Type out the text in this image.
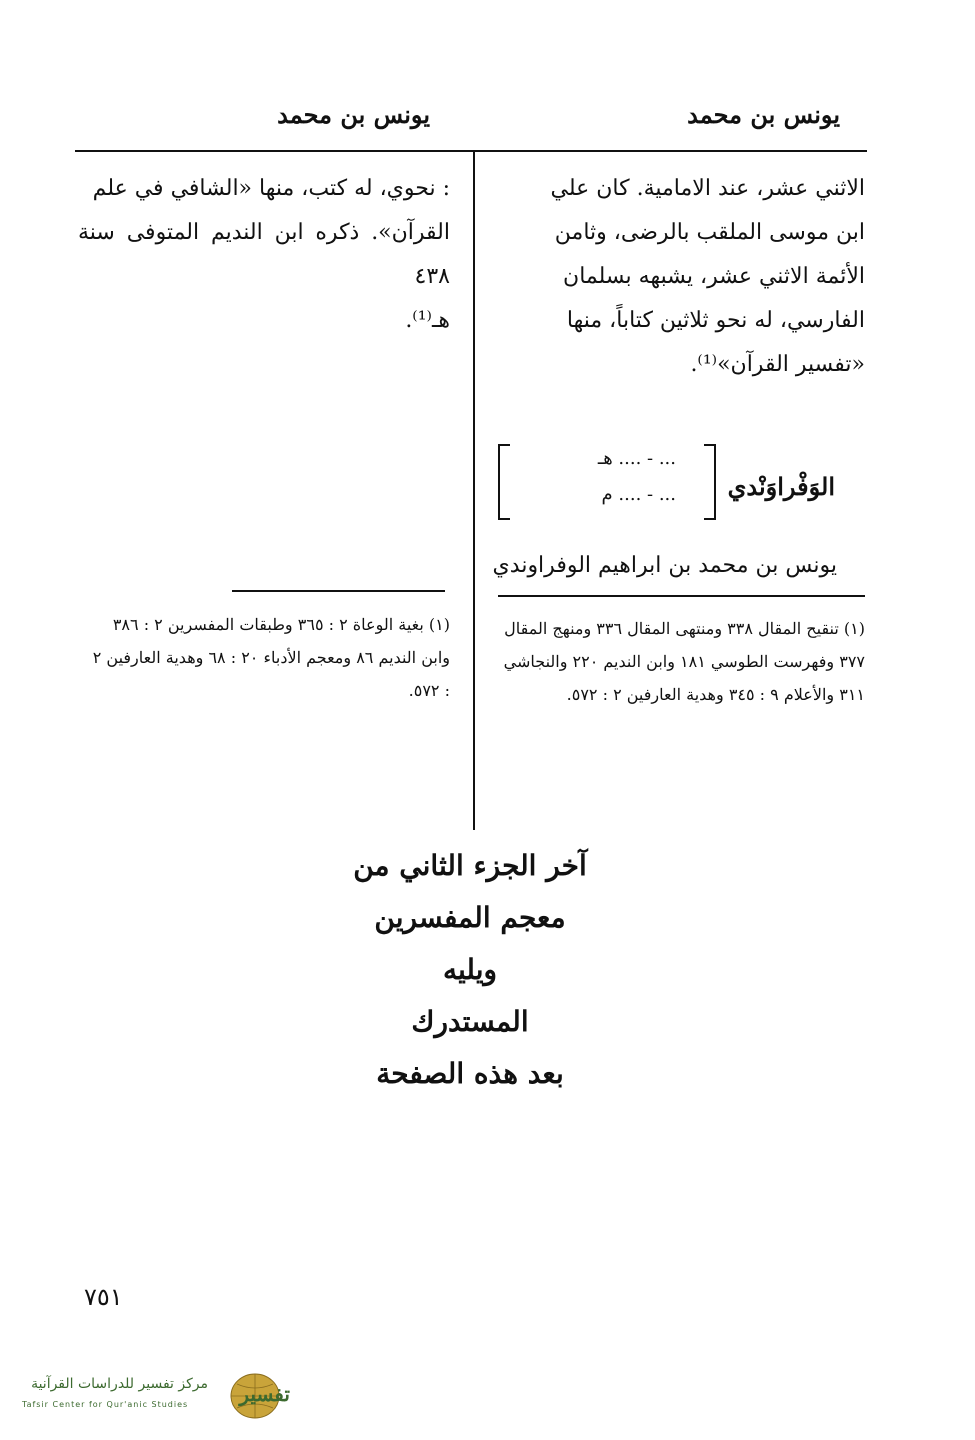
يونس بن محمد
يونس بن محمد
الاثني عشر، عند الامامية. كان علي
ابن موسى الملقب بالرضى، وثامن
الأئمة الاثني عشر، يشبهه بسلمان
الفارسي، له نحو ثلاثين كتاباً، منها
«تفسير القرآن»⁽¹⁾.
الوَفْراوَنْدي
... - .... هـ
... - .... م
يونس بن محمد بن ابراهيم الوفراوندي
: نحوي، له كتب، منها «الشافي في علم
القرآن». ذكره ابن النديم المتوفى سنة ٤٣٨
هـ⁽¹⁾.
(١) تنقيح المقال ٣٣٨ ومنتهى المقال ٣٣٦ ومنهج المقال
٣٧٧ وفهرست الطوسي ١٨١ وابن النديم ٢٢٠ والنجاشي
٣١١ والأعلام ٩ : ٣٤٥ وهدية العارفين ٢ : ٥٧٢.
(١) بغية الوعاة ٢ : ٣٦٥ وطبقات المفسرين ٢ : ٣٨٦
وابن النديم ٨٦ ومعجم الأدباء ٢٠ : ٦٨ وهدية العارفين ٢
: ٥٧٢.
آخر الجزء الثاني من
معجم المفسرين
ويليه
المستدرك
بعد هذه الصفحة
٧٥١
مركز تفسير للدراسات القرآنية
Tafsir Center for Qur'anic Studies	تفسير
